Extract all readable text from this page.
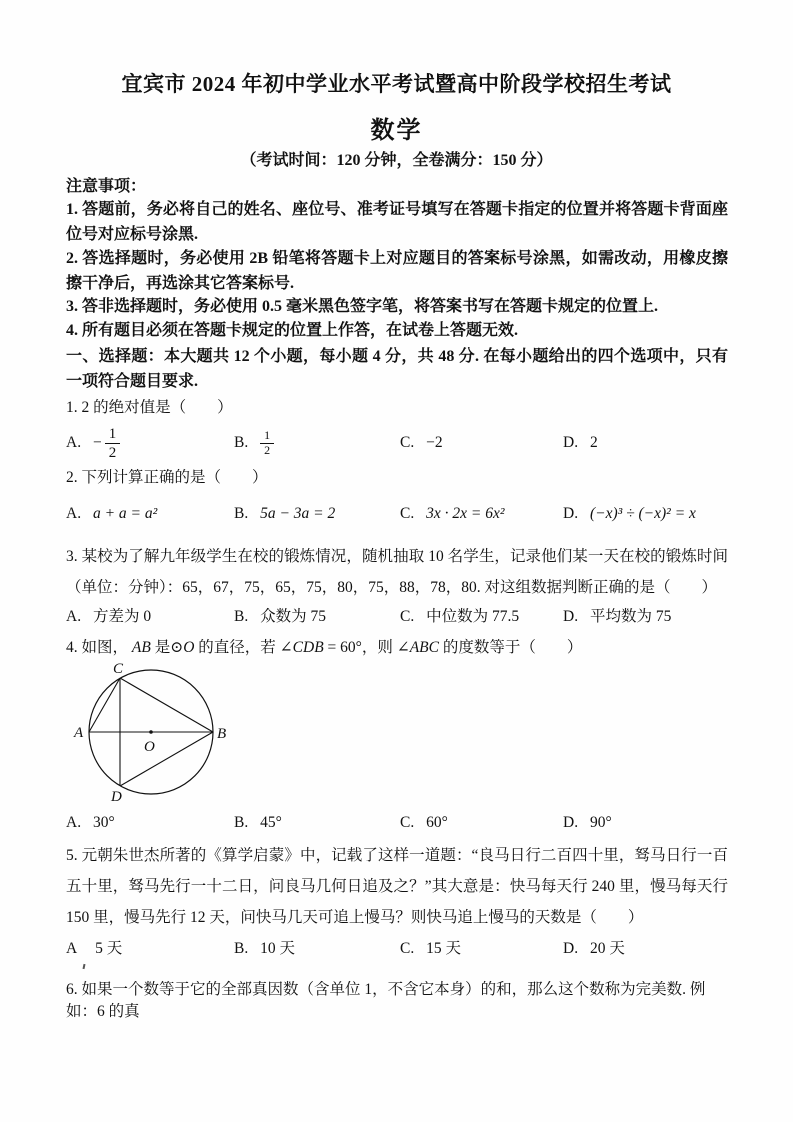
宜宾市 2024 年初中学业水平考试暨高中阶段学校招生考试
数学
（考试时间：120 分钟，全卷满分：150 分）
注意事项：

1. 答题前，务必将自己的姓名、座位号、准考证号填写在答题卡指定的位置并将答题卡背面座位号对应标号涂黑.

2. 答选择题时，务必使用 2B 铅笔将答题卡上对应题目的答案标号涂黑，如需改动，用橡皮擦擦干净后，再选涂其它答案标号.

3. 答非选择题时，务必使用 0.5 毫米黑色签字笔，将答案书写在答题卡规定的位置上.

4. 所有题目必须在答题卡规定的位置上作答，在试卷上答题无效.

一、选择题：本大题共 12 个小题，每小题 4 分，共 48 分. 在每小题给出的四个选项中，只有一项符合题目要求.

1. 2 的绝对值是（　　）
A. − $\frac{1}{2}$	B. $\frac{1}{2}$	C. −2	D. 2
2. 下列计算正确的是（　　）
A. a + a = a²	B. 5a − 3a = 2	C. 3x · 2x = 6x²	D. (−x)³ ÷ (−x)² = x

3. 某校为了解九年级学生在校的锻炼情况，随机抽取 10 名学生，记录他们某一天在校的锻炼时间（单位：分钟）：65，67，75，65，75，80，75，88，78，80. 对这组数据判断正确的是（　　）

A. 方差为 0	B. 众数为 75	C. 中位数为 77.5	D. 平均数为 75
4. 如图， AB 是⊙O 的直径，若 ∠CDB = 60°，则 ∠ABC 的度数等于（　　）
C
A	B
O
D
A. 30°	B. 45°	C. 60°	D. 90°

5. 元朝朱世杰所著的《算学启蒙》中，记载了这样一道题：“良马日行二百四十里，驽马日行一百五十里，驽马先行一十二日，问良马几何日追及之？”其大意是：快马每天行 240 里，慢马每天行 150 里，慢马先行 12 天，问快马几天可追上慢马？则快马追上慢马的天数是（　　）

A 5 天	B. 10 天	C. 15 天	D. 20 天
6. 如果一个数等于它的全部真因数（含单位 1，不含它本身）的和，那么这个数称为完美数. 例如：6 的真
